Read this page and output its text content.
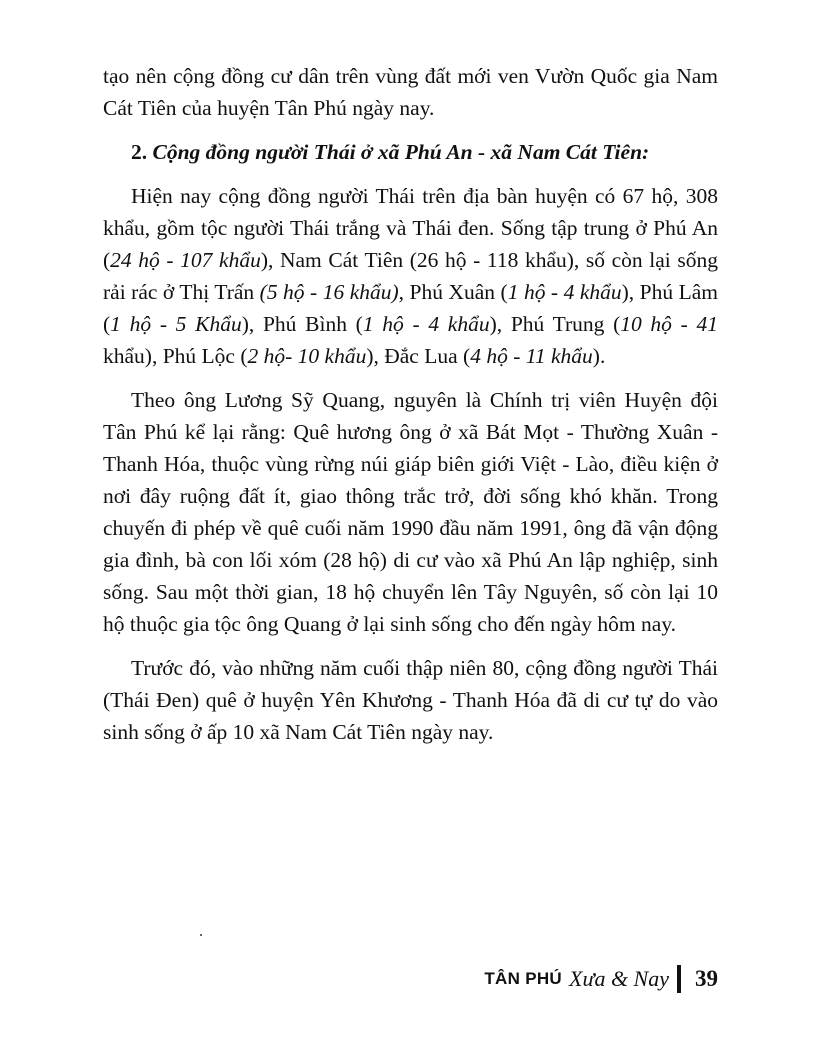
tạo nên cộng đồng cư dân trên vùng đất mới ven Vườn Quốc gia Nam Cát Tiên của huyện Tân Phú ngày nay.

2. Cộng đồng người Thái ở xã Phú An - xã Nam Cát Tiên:

Hiện nay cộng đồng người Thái trên địa bàn huyện có 67 hộ, 308 khẩu, gồm tộc người Thái trắng và Thái đen. Sống tập trung ở Phú An (24 hộ - 107 khẩu), Nam Cát Tiên (26 hộ - 118 khẩu), số còn lại sống rải rác ở Thị Trấn (5 hộ - 16 khẩu), Phú Xuân (1 hộ - 4 khẩu), Phú Lâm (1 hộ - 5 Khẩu), Phú Bình (1 hộ - 4 khẩu), Phú Trung (10 hộ - 41 khẩu), Phú Lộc (2 hộ- 10 khẩu), Đắc Lua (4 hộ - 11 khẩu).

Theo ông Lương Sỹ Quang, nguyên là Chính trị viên Huyện đội Tân Phú kể lại rằng: Quê hương ông ở xã Bát Mọt - Thường Xuân - Thanh Hóa, thuộc vùng rừng núi giáp biên giới Việt - Lào, điều kiện ở nơi đây ruộng đất ít, giao thông trắc trở, đời sống khó khăn. Trong chuyến đi phép về quê cuối năm 1990 đầu năm 1991, ông đã vận động gia đình, bà con lối xóm (28 hộ) di cư vào xã Phú An lập nghiệp, sinh sống. Sau một thời gian, 18 hộ chuyển lên Tây Nguyên, số còn lại 10 hộ thuộc gia tộc ông Quang ở lại sinh sống cho đến ngày hôm nay.

Trước đó, vào những năm cuối thập niên 80, cộng đồng người Thái (Thái Đen) quê ở huyện Yên Khương - Thanh Hóa đã di cư tự do vào sinh sống ở ấp 10 xã Nam Cát Tiên ngày nay.

TÂN PHÚ Xưa & Nay 39
